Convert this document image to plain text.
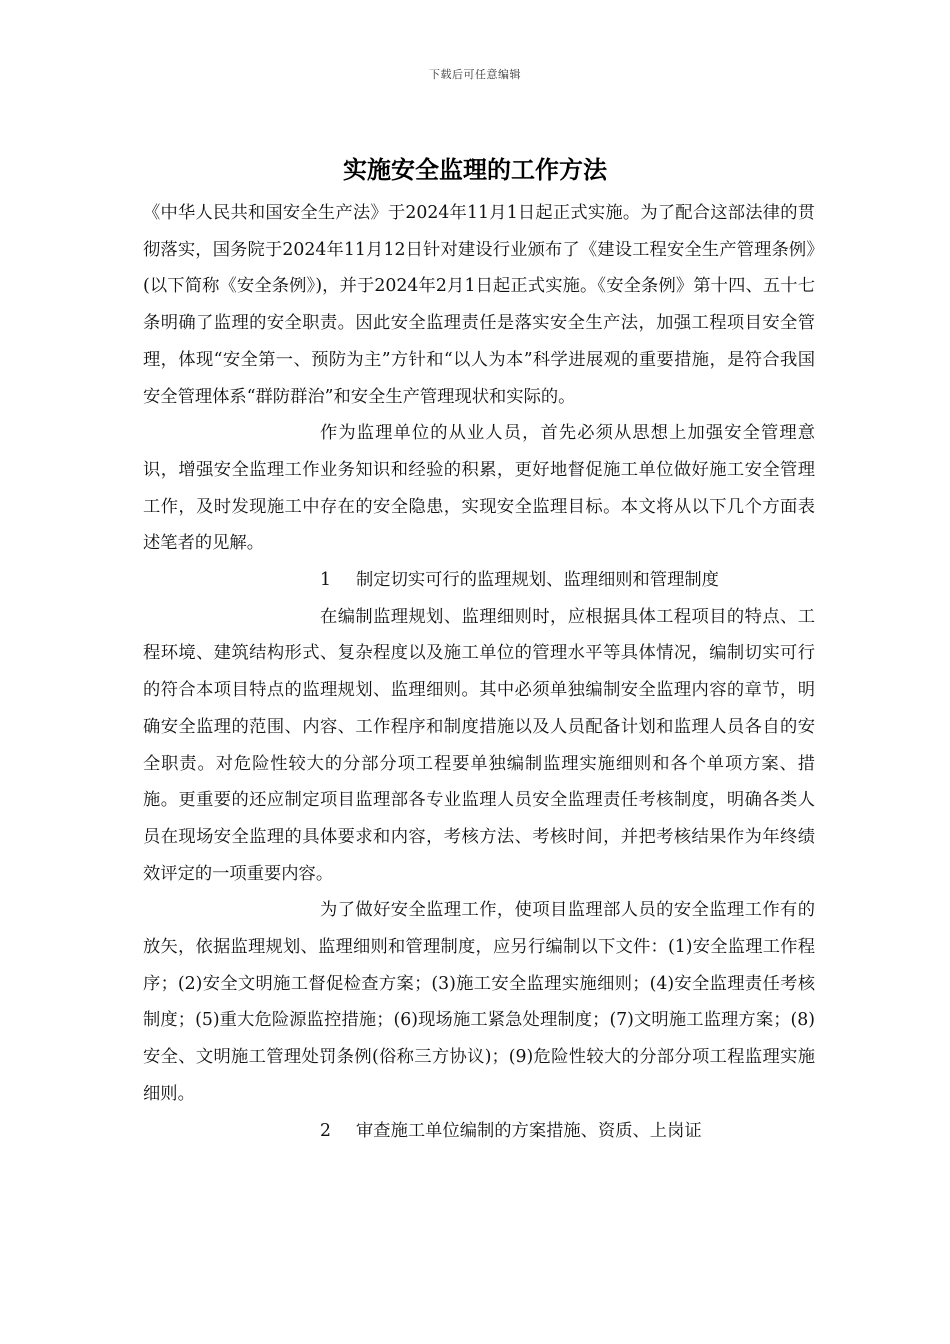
下载后可任意编辑
实施安全监理的工作方法

《中华人民共和国安全生产法》于2024年11月1日起正式实施。为了配合这部法律的贯彻落实，国务院于2024年11月12日针对建设行业颁布了《建设工程安全生产管理条例》(以下简称《安全条例》)，并于2024年2月1日起正式实施。《安全条例》第十四、五十七条明确了监理的安全职责。因此安全监理责任是落实安全生产法，加强工程项目安全管理，体现“安全第一、预防为主”方针和“以人为本”科学进展观的重要措施，是符合我国安全管理体系“群防群治”和安全生产管理现状和实际的。

作为监理单位的从业人员，首先必须从思想上加强安全管理意识，增强安全监理工作业务知识和经验的积累，更好地督促施工单位做好施工安全管理工作，及时发现施工中存在的安全隐患，实现安全监理目标。本文将从以下几个方面表述笔者的见解。

1 制定切实可行的监理规划、监理细则和管理制度

在编制监理规划、监理细则时，应根据具体工程项目的特点、工程环境、建筑结构形式、复杂程度以及施工单位的管理水平等具体情况，编制切实可行的符合本项目特点的监理规划、监理细则。其中必须单独编制安全监理内容的章节，明确安全监理的范围、内容、工作程序和制度措施以及人员配备计划和监理人员各自的安全职责。对危险性较大的分部分项工程要单独编制监理实施细则和各个单项方案、措施。更重要的还应制定项目监理部各专业监理人员安全监理责任考核制度，明确各类人员在现场安全监理的具体要求和内容，考核方法、考核时间，并把考核结果作为年终绩效评定的一项重要内容。

为了做好安全监理工作，使项目监理部人员的安全监理工作有的放矢，依据监理规划、监理细则和管理制度，应另行编制以下文件：(1)安全监理工作程序；(2)安全文明施工督促检查方案；(3)施工安全监理实施细则；(4)安全监理责任考核制度；(5)重大危险源监控措施；(6)现场施工紧急处理制度；(7)文明施工监理方案；(8)安全、文明施工管理处罚条例(俗称三方协议)；(9)危险性较大的分部分项工程监理实施细则。

2 审查施工单位编制的方案措施、资质、上岗证
